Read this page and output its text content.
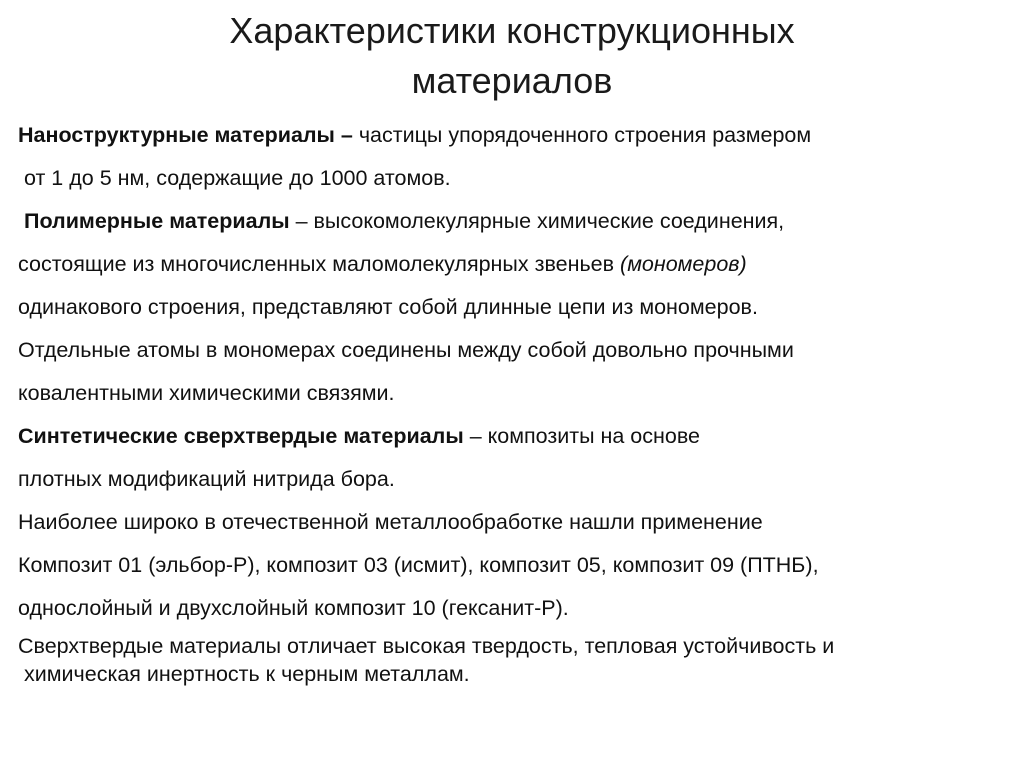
Характеристики конструкционных
материалов
Наноструктурные материалы – частицы упорядоченного строения размером
от 1 до 5 нм, содержащие до 1000 атомов.
Полимерные материалы – высокомолекулярные химические соединения,
состоящие из многочисленных маломолекулярных звеньев (мономеров)
одинакового строения, представляют собой длинные цепи из мономеров.
Отдельные атомы в мономерах соединены между собой довольно прочными
ковалентными химическими связями.
Синтетические сверхтвердые материалы – композиты на основе
плотных модификаций нитрида бора.
Наиболее широко в отечественной металлообработке нашли применение
Композит 01 (эльбор-Р), композит 03 (исмит), композит 05, композит 09 (ПТНБ),
однослойный и двухслойный композит 10 (гексанит-Р).
Сверхтвердые материалы отличает высокая твердость, тепловая устойчивость и
химическая инертность к черным металлам.
